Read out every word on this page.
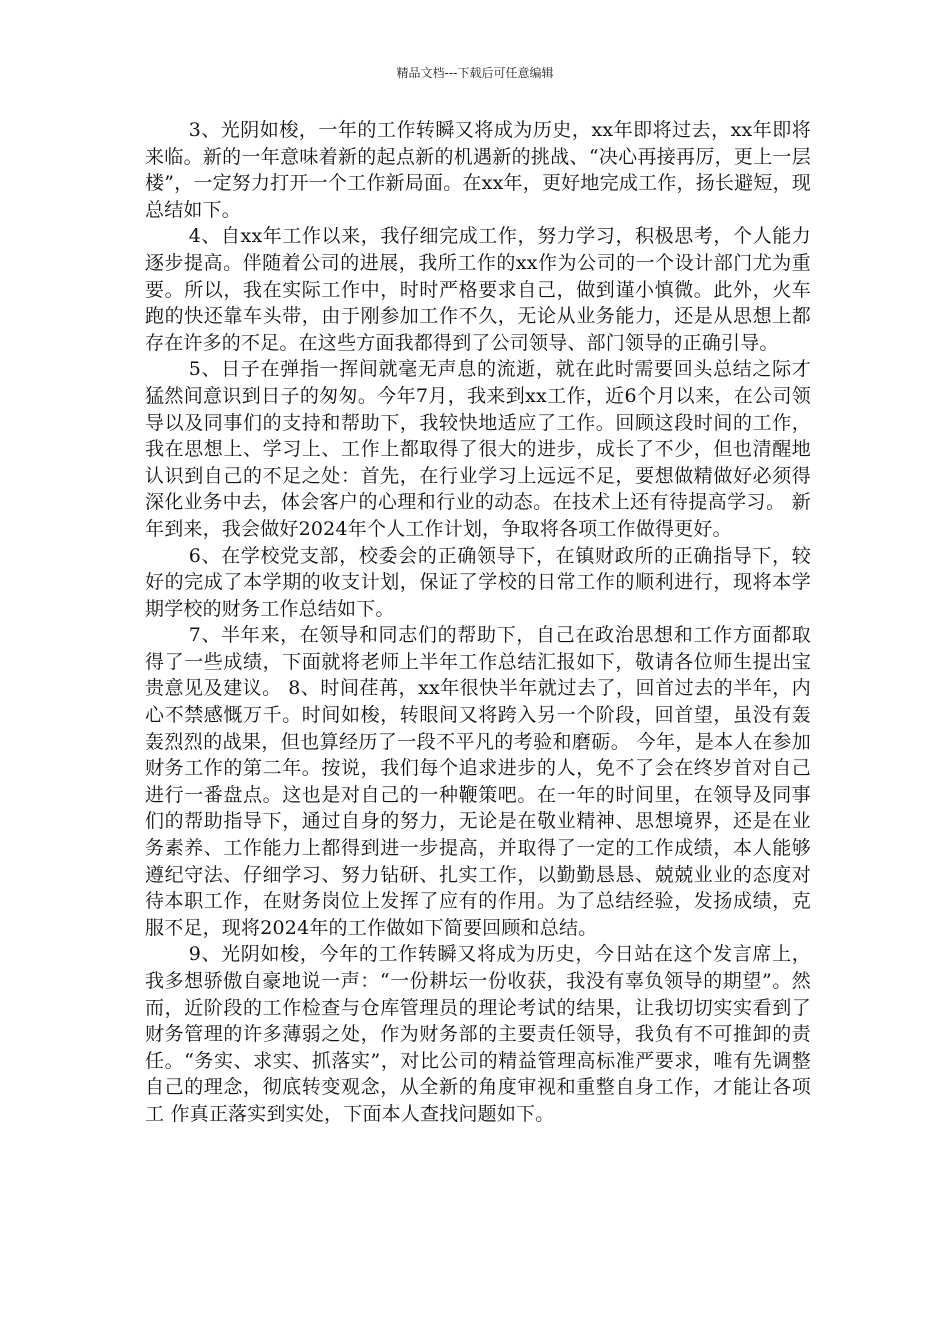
精品文档---下载后可任意编辑

3、光阴如梭，一年的工作转瞬又将成为历史，xx年即将过去，xx年即将来临。新的一年意味着新的起点新的机遇新的挑战、“决心再接再厉，更上一层楼”，一定努力打开一个工作新局面。在xx年，更好地完成工作，扬长避短，现总结如下。

4、自xx年工作以来，我仔细完成工作，努力学习，积极思考，个人能力逐步提高。伴随着公司的进展，我所工作的xx作为公司的一个设计部门尤为重要。所以，我在实际工作中，时时严格要求自己，做到谨小慎微。此外，火车跑的快还靠车头带，由于刚参加工作不久，无论从业务能力，还是从思想上都存在许多的不足。在这些方面我都得到了公司领导、部门领导的正确引导。

5、日子在弹指一挥间就毫无声息的流逝，就在此时需要回头总结之际才猛然间意识到日子的匆匆。今年7月，我来到xx工作，近6个月以来，在公司领导以及同事们的支持和帮助下，我较快地适应了工作。回顾这段时间的工作，我在思想上、学习上、工作上都取得了很大的进步，成长了不少，但也清醒地认识到自己的不足之处：首先，在行业学习上远远不足，要想做精做好必须得深化业务中去，体会客户的心理和行业的动态。在技术上还有待提高学习。 新年到来，我会做好2024年个人工作计划，争取将各项工作做得更好。

6、在学校党支部，校委会的正确领导下，在镇财政所的正确指导下，较好的完成了本学期的收支计划，保证了学校的日常工作的顺利进行，现将本学期学校的财务工作总结如下。

7、半年来，在领导和同志们的帮助下，自己在政治思想和工作方面都取得了一些成绩，下面就将老师上半年工作总结汇报如下，敬请各位师生提出宝贵意见及建议。 8、时间荏苒，xx年很快半年就过去了，回首过去的半年，内心不禁感慨万千。时间如梭，转眼间又将跨入另一个阶段，回首望，虽没有轰轰烈烈的战果，但也算经历了一段不平凡的考验和磨砺。 今年，是本人在参加财务工作的第二年。按说，我们每个追求进步的人，免不了会在终岁首对自己进行一番盘点。这也是对自己的一种鞭策吧。在一年的时间里，在领导及同事们的帮助指导下，通过自身的努力，无论是在敬业精神、思想境界，还是在业务素养、工作能力上都得到进一步提高，并取得了一定的工作成绩，本人能够遵纪守法、仔细学习、努力钻研、扎实工作，以勤勤恳恳、兢兢业业的态度对待本职工作，在财务岗位上发挥了应有的作用。为了总结经验，发扬成绩，克服不足，现将2024年的工作做如下简要回顾和总结。

9、光阴如梭，今年的工作转瞬又将成为历史，今日站在这个发言席上，我多想骄傲自豪地说一声：“一份耕坛一份收获，我没有辜负领导的期望”。然而，近阶段的工作检查与仓库管理员的理论考试的结果，让我切切实实看到了财务管理的许多薄弱之处，作为财务部的主要责任领导，我负有不可推卸的责任。“务实、求实、抓落实”，对比公司的精益管理高标准严要求，唯有先调整自己的理念，彻底转变观念，从全新的角度审视和重整自身工作，才能让各项工 作真正落实到实处，下面本人查找问题如下。
